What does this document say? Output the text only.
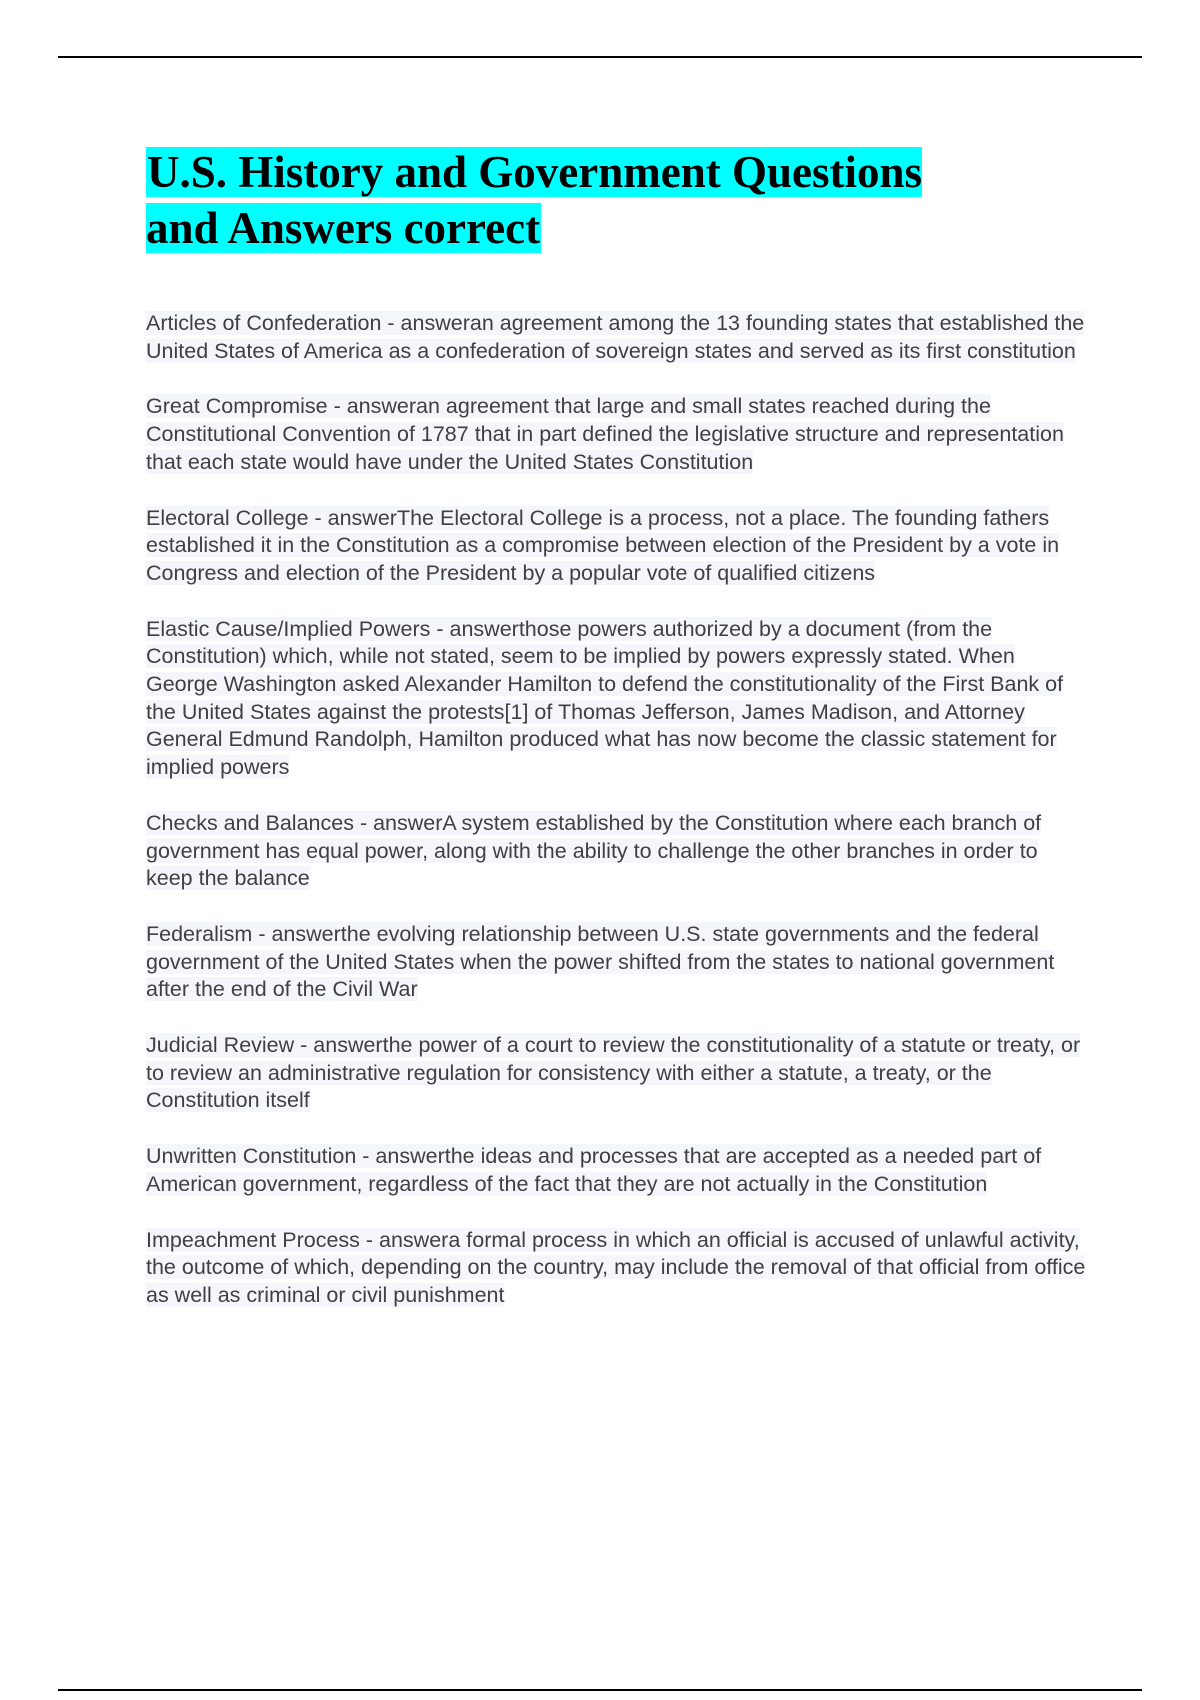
U.S. History and Government Questions
and Answers correct

Articles of Confederation - answeran agreement among the 13 founding states that established the United States of America as a confederation of sovereign states and served as its first constitution

Great Compromise - answeran agreement that large and small states reached during the Constitutional Convention of 1787 that in part defined the legislative structure and representation that each state would have under the United States Constitution

Electoral College - answerThe Electoral College is a process, not a place. The founding fathers established it in the Constitution as a compromise between election of the President by a vote in Congress and election of the President by a popular vote of qualified citizens

Elastic Cause/Implied Powers - answerthose powers authorized by a document (from the Constitution) which, while not stated, seem to be implied by powers expressly stated. When George Washington asked Alexander Hamilton to defend the constitutionality of the First Bank of the United States against the protests[1] of Thomas Jefferson, James Madison, and Attorney General Edmund Randolph, Hamilton produced what has now become the classic statement for implied powers

Checks and Balances - answerA system established by the Constitution where each branch of government has equal power, along with the ability to challenge the other branches in order to keep the balance

Federalism - answerthe evolving relationship between U.S. state governments and the federal government of the United States when the power shifted from the states to national government after the end of the Civil War

Judicial Review - answerthe power of a court to review the constitutionality of a statute or treaty, or to review an administrative regulation for consistency with either a statute, a treaty, or the Constitution itself

Unwritten Constitution - answerthe ideas and processes that are accepted as a needed part of American government, regardless of the fact that they are not actually in the Constitution

Impeachment Process - answera formal process in which an official is accused of unlawful activity, the outcome of which, depending on the country, may include the removal of that official from office as well as criminal or civil punishment
